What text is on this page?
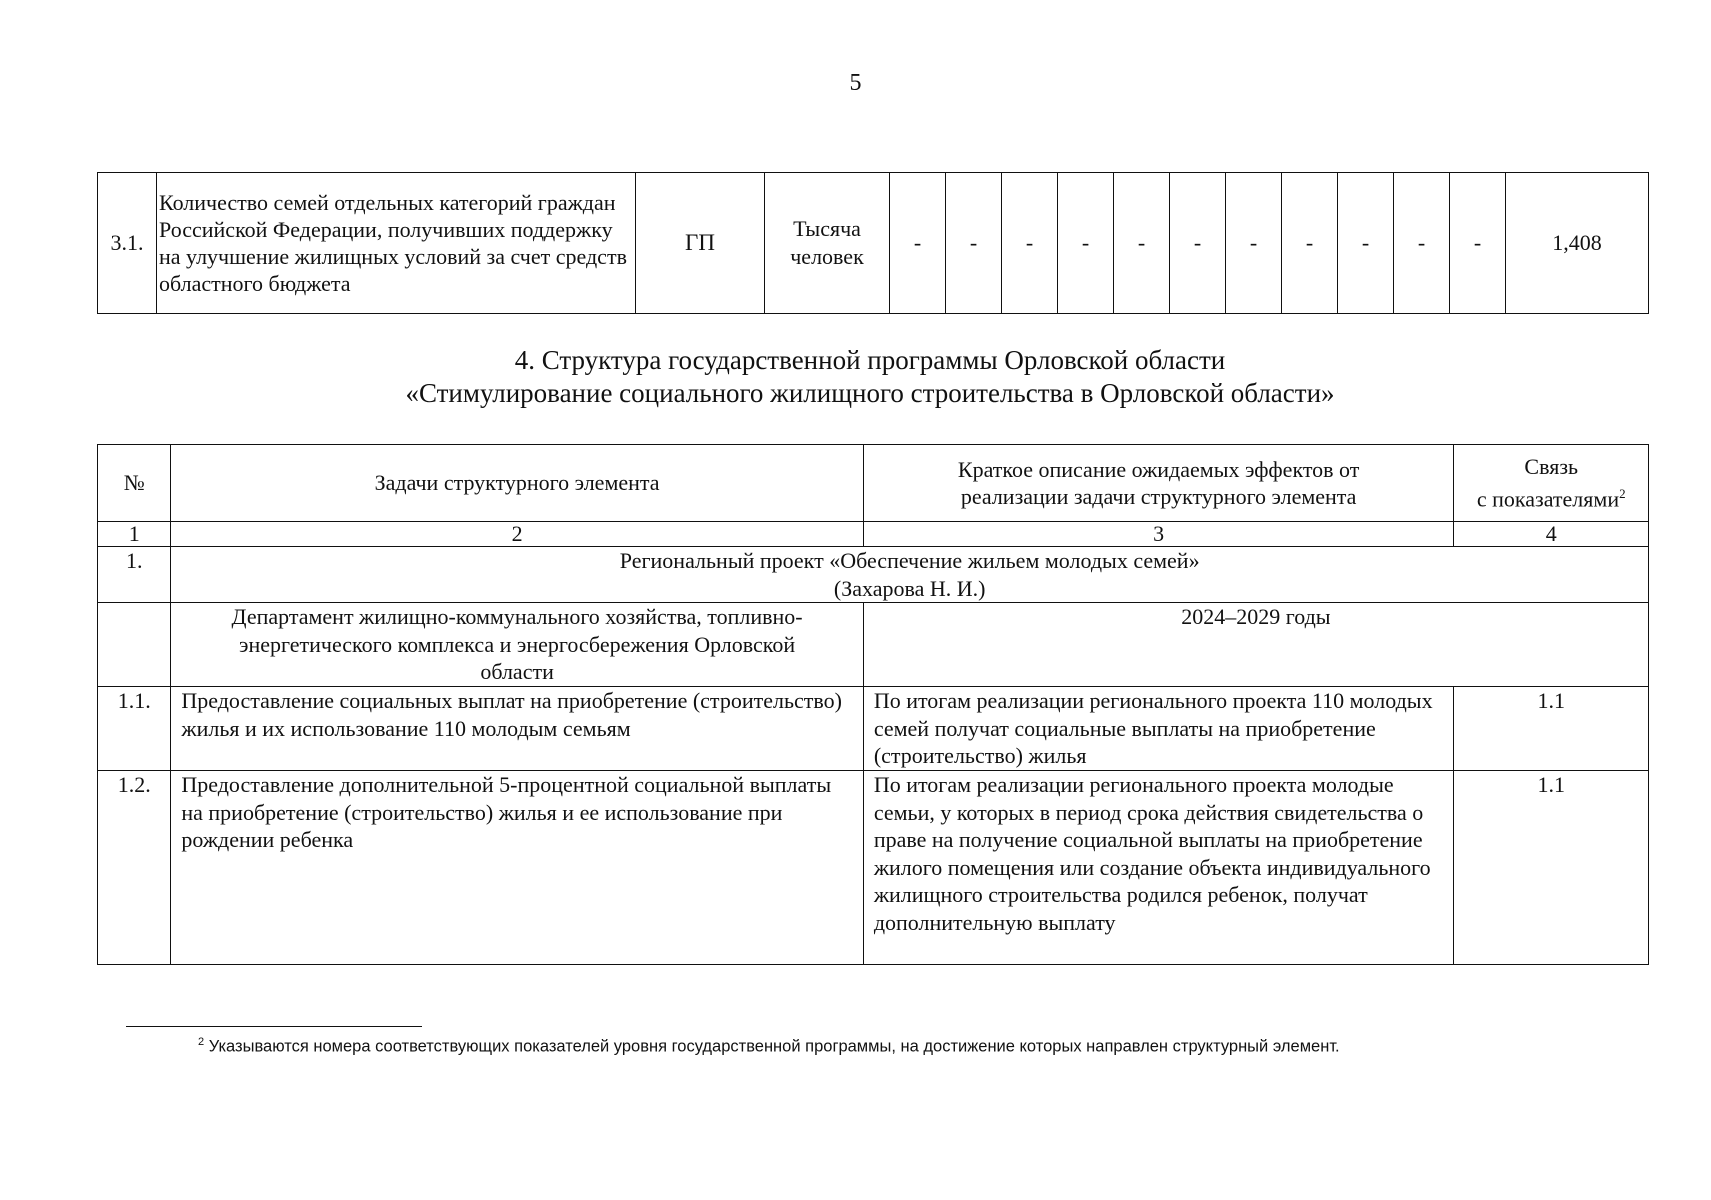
5
3.1.	Количество семей отдельных категорий граждан Российской Федерации, получивших поддержку на улучшение жилищных условий за счет средств областного бюджета	ГП	Тысяча
человек	-	-	-	-	-	-	-	-	-	-	-	1,408
4. Структура государственной программы Орловской области
«Стимулирование социального жилищного строительства в Орловской области»
№	Задачи структурного элемента	Краткое описание ожидаемых эффектов от реализации задачи структурного элемента	Связь
с показателями$^2$
1	2	3	4
1.	Региональный проект «Обеспечение жильем молодых семей»
(Захарова Н. И.)		

	Департамент жилищно-коммунального хозяйства, топливно-энергетического комплекса и энергосбережения Орловской области	2024–2029 годы	
1.1.	Предоставление социальных выплат на приобретение (строительство) жилья и их использование 110 молодым семьям	По итогам реализации регионального проекта 110 молодых семей получат социальные выплаты на приобретение (строительство) жилья	1.1
1.2.	Предоставление дополнительной 5-процентной социальной выплаты на приобретение (строительство) жилья и ее использование при рождении ребенка	По итогам реализации регионального проекта молодые семьи, у которых в период срока действия свидетельства о праве на получение социальной выплаты на приобретение жилого помещения или создание объекта индивидуального жилищного строительства родился ребенок, получат дополнительную выплату	1.1
$^2$ Указываются номера соответствующих показателей уровня государственной программы, на достижение которых направлен структурный элемент.
